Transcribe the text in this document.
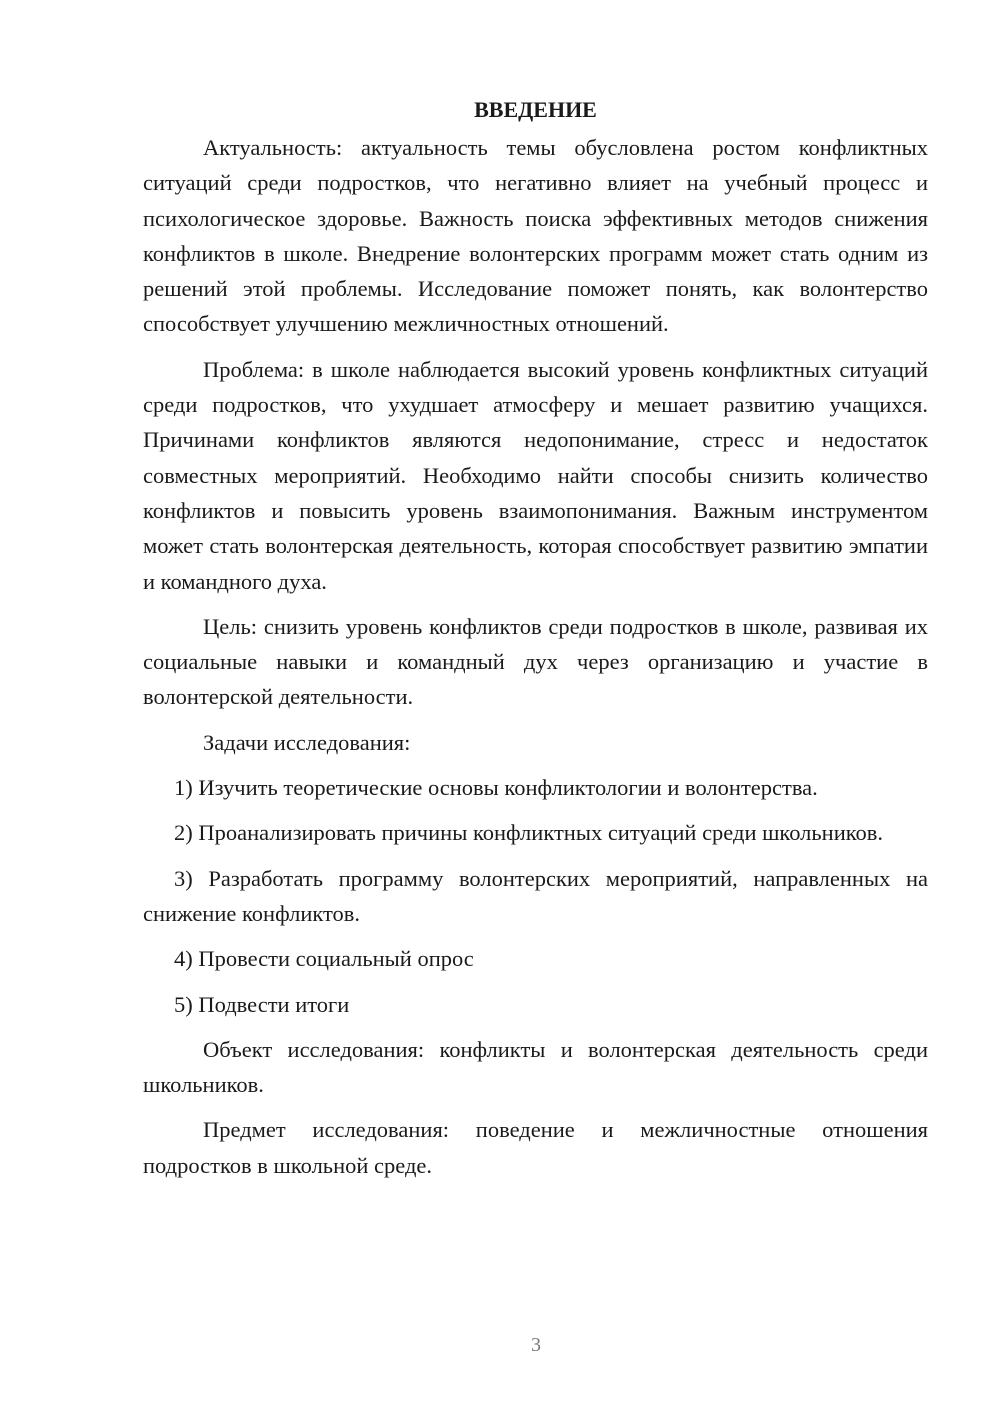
ВВЕДЕНИЕ

Актуальность: актуальность темы обусловлена ростом конфликтных ситуаций среди подростков, что негативно влияет на учебный процесс и психологическое здоровье. Важность поиска эффективных методов снижения конфликтов в школе. Внедрение волонтерских программ может стать одним из решений этой проблемы. Исследование поможет понять, как волонтерство способствует улучшению межличностных отношений.

Проблема: в школе наблюдается высокий уровень конфликтных ситуаций среди подростков, что ухудшает атмосферу и мешает развитию учащихся. Причинами конфликтов являются недопонимание, стресс и недостаток совместных мероприятий. Необходимо найти способы снизить количество конфликтов и повысить уровень взаимопонимания. Важным инструментом может стать волонтерская деятельность, которая способствует развитию эмпатии и командного духа.

Цель: снизить уровень конфликтов среди подростков в школе, развивая их социальные навыки и командный дух через организацию и участие в волонтерской деятельности.

Задачи исследования:

1) Изучить теоретические основы конфликтологии и волонтерства.

2) Проанализировать причины конфликтных ситуаций среди школьников.

3) Разработать программу волонтерских мероприятий, направленных на снижение конфликтов.

4) Провести социальный опрос

5) Подвести итоги

Объект исследования: конфликты и волонтерская деятельность среди школьников.

Предмет исследования: поведение и межличностные отношения подростков в школьной среде.

3
